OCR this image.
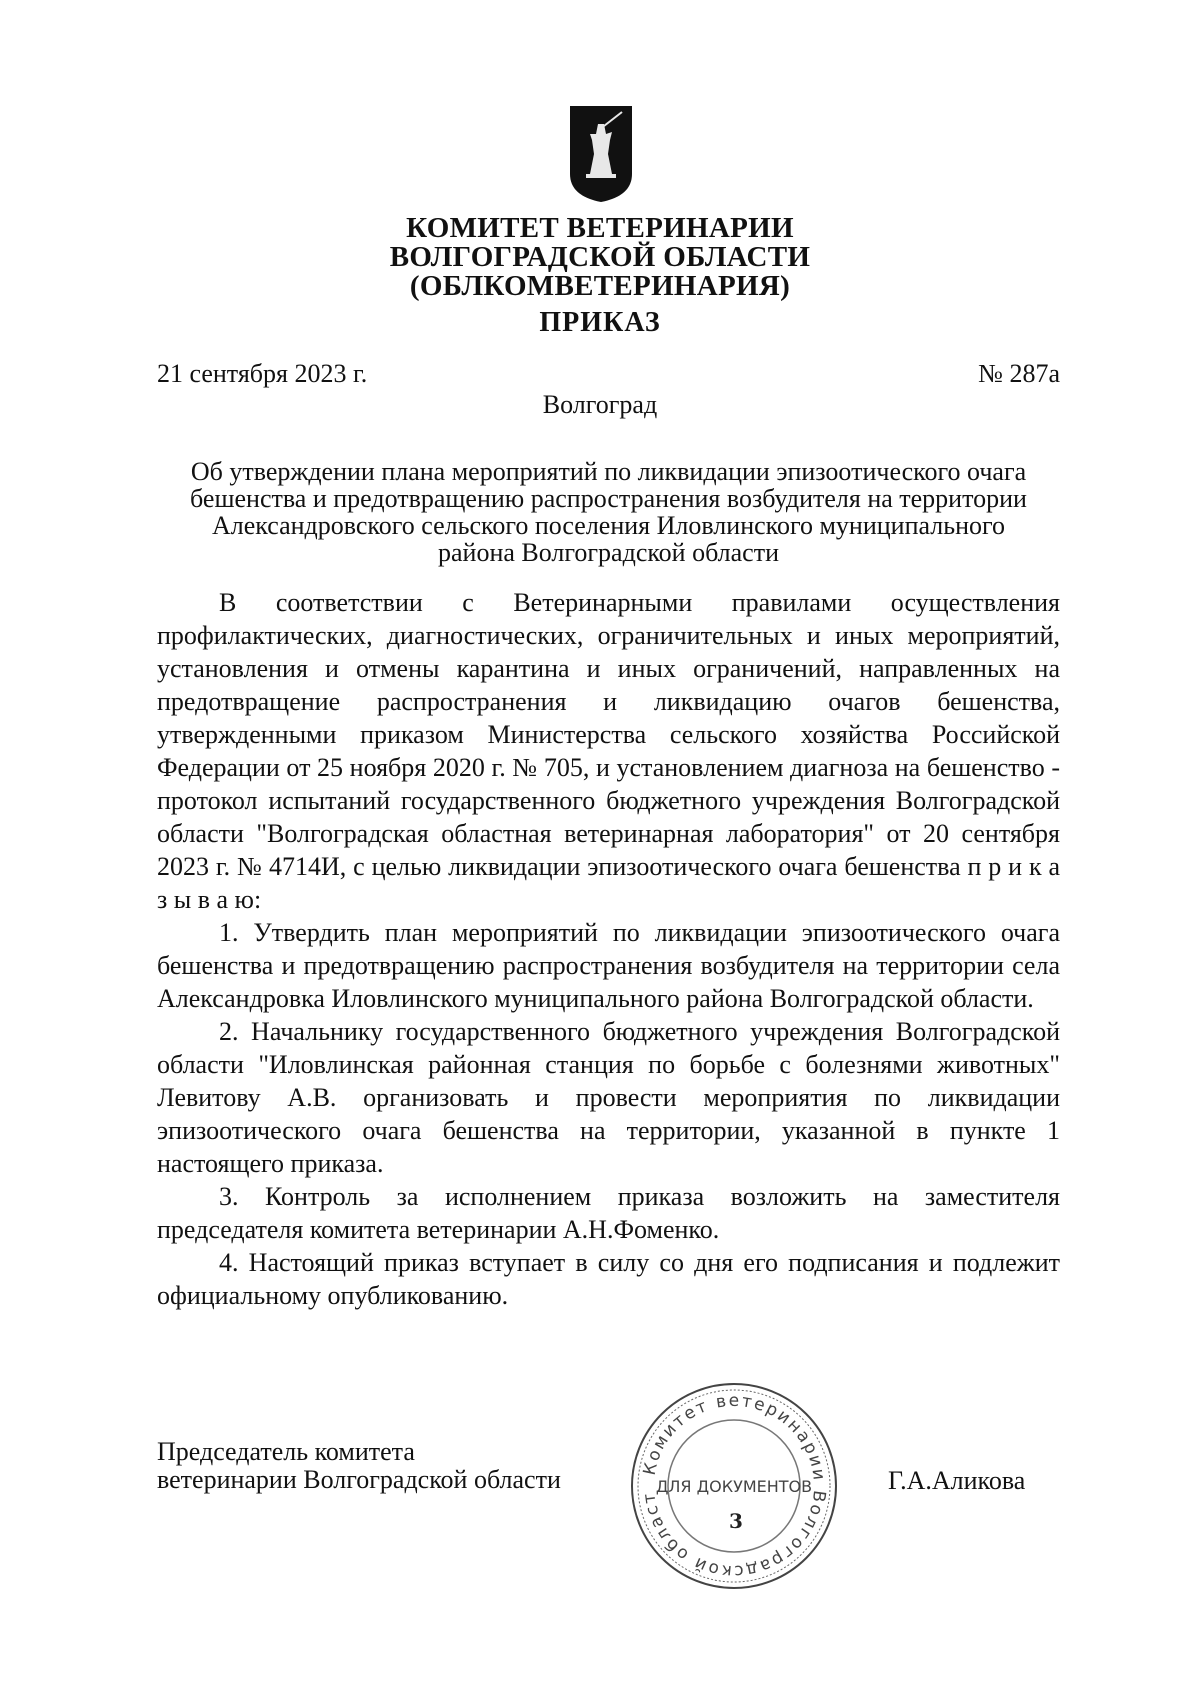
КОМИТЕТ ВЕТЕРИНАРИИ
ВОЛГОГРАДСКОЙ ОБЛАСТИ
(ОБЛКОМВЕТЕРИНАРИЯ)
ПРИКАЗ
21 сентября 2023 г.	№ 287а
Волгоград
Об утверждении плана мероприятий по ликвидации эпизоотического очага
бешенства и предотвращению распространения возбудителя на территории
Александровского сельского поселения Иловлинского муниципального
района Волгоградской области

В соответствии с Ветеринарными правилами осуществления профилактических, диагностических, ограничительных и иных мероприятий, установления и отмены карантина и иных ограничений, направленных на предотвращение распространения и ликвидацию очагов бешенства, утвержденными приказом Министерства сельского хозяйства Российской Федерации от 25 ноября 2020 г. № 705, и установлением диагноза на бешенство - протокол испытаний государственного бюджетного учреждения Волгоградской области "Волгоградская областная ветеринарная лаборатория" от 20 сентября 2023 г. № 4714И, с целью ликвидации эпизоотического очага бешенства п р и к а з ы в а ю:

1. Утвердить план мероприятий по ликвидации эпизоотического очага бешенства и предотвращению распространения возбудителя на территории села Александровка Иловлинского муниципального района Волгоградской области.

2. Начальнику государственного бюджетного учреждения Волгоградской области "Иловлинская районная станция по борьбе с болезнями животных" Левитову А.В. организовать и провести мероприятия по ликвидации эпизоотического очага бешенства на территории, указанной в пункте 1 настоящего приказа.

3. Контроль за исполнением приказа возложить на заместителя председателя комитета ветеринарии А.Н.Фоменко.

4. Настоящий приказ вступает в силу со дня его подписания и подлежит официальному опубликованию.

Председатель комитета
ветеринарии Волгоградской области	Комитет ветеринарии Волгоградской област
ДЛЯ ДОКУМЕНТОВ
3
Г.А.Аликова
